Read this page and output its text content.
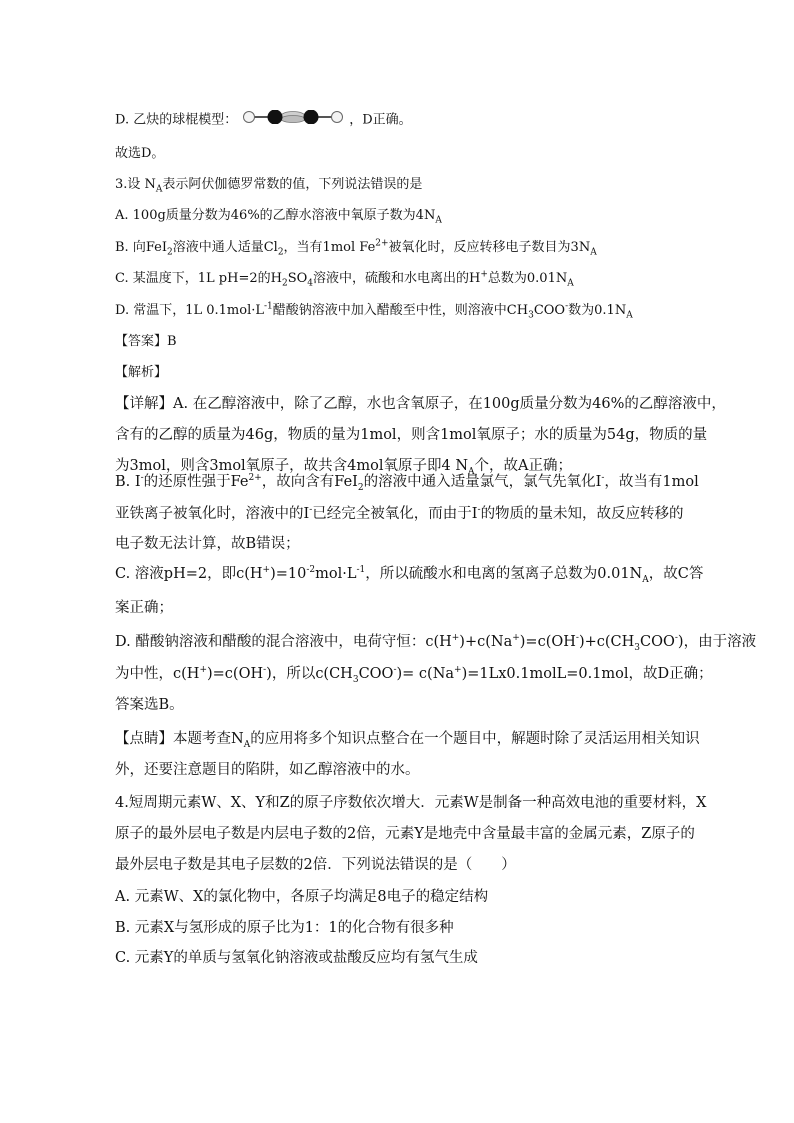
D. 乙炔的球棍模型：	，D正确。
故选D。
3.设 $N_A$表示阿伏伽德罗常数的值，下列说法错误的是
A. 100g质量分数为46%的乙醇水溶液中氧原子数为$4N_A$
B. 向FeI$_2$溶液中通人适量$Cl_2$，当有1mol $Fe^{2+}$被氧化时，反应转移电子数目为$3N_A$
C. 某温度下，1L pH=2的$H_2SO_4$溶液中，硫酸和水电离出的H+总数为$0.01N_A$
D. 常温下，1L $0.1mol\cdot L^{-1}$醋酸钠溶液中加入醋酸至中性，则溶液中$CH_3COO^-$数为$0.1N_A$
【答案】B
【解析】
【详解】A. 在乙醇溶液中，除了乙醇，水也含氧原子，在100g质量分数为46%的乙醇溶液中，
含有的乙醇的质量为46g，物质的量为1mol，则含1mol氧原子；水的质量为54g，物质的量
为3mol，则含3mol氧原子，故共含4mol氧原子即4 $N_A$个，故A正确；
B. I-的还原性强于$Fe^{2+}$，故向含有FeI$_2$的溶液中通入适量氯气，氯气先氧化I-，故当有1mol
亚铁离子被氧化时，溶液中的I-已经完全被氧化，而由于I-的物质的量未知，故反应转移的
电子数无法计算，故B错误；
C. 溶液pH=2，即$c(H^+)=10^{-2}mol\cdot L^{-1}$，所以硫酸水和电离的氢离子总数为$0.01N_A$，故C答
案正确；
D. 醋酸钠溶液和醋酸的混合溶液中，电荷守恒：$c(H^+)+c(Na^+)=c(OH^-)+c(CH_3COO^-)$，由于溶液
为中性，c(H+)=c(OH-)，所以$c(CH_3COO^-)=$ c(Na+)=1Lx0.1molL=0.1mol，故D正确；
答案选B。
【点睛】本题考查$N_A$的应用将多个知识点整合在一个题目中，解题时除了灵活运用相关知识
外，还要注意题目的陷阱，如乙醇溶液中的水。
4.短周期元素W、X、Y和Z的原子序数依次增大．元素W是制备一种高效电池的重要材料，X
原子的最外层电子数是内层电子数的2倍，元素Y是地壳中含量最丰富的金属元素，Z原子的
最外层电子数是其电子层数的2倍．下列说法错误的是（　　）
A. 元素W、X的氯化物中，各原子均满足8电子的稳定结构
B. 元素X与氢形成的原子比为1：1的化合物有很多种
C. 元素Y的单质与氢氧化钠溶液或盐酸反应均有氢气生成
